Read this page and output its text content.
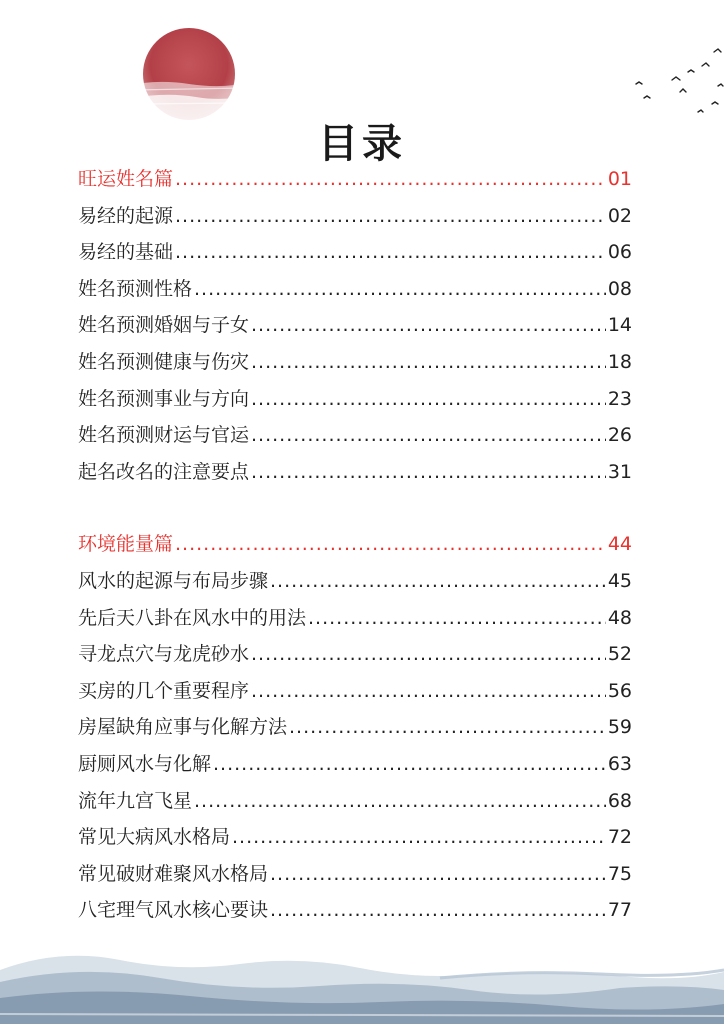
目录
旺运姓名篇 .....	01
易经的起源 .....	02
易经的基础 .....	06
姓名预测性格 .....	08
姓名预测婚姻与子女 .....	14
姓名预测健康与伤灾 .....	18
姓名预测事业与方向 .....	23
姓名预测财运与官运 .....	26
起名改名的注意要点 .....	31
环境能量篇 .....	44
风水的起源与布局步骤 .....	45
先后天八卦在风水中的用法 .....	48
寻龙点穴与龙虎砂水 .....	52
买房的几个重要程序 .....	56
房屋缺角应事与化解方法 .....	59
厨厕风水与化解 .....	63
流年九宫飞星 .....	68
常见大病风水格局 .....	72
常见破财难聚风水格局 .....	75
八宅理气风水核心要诀 .....	77
